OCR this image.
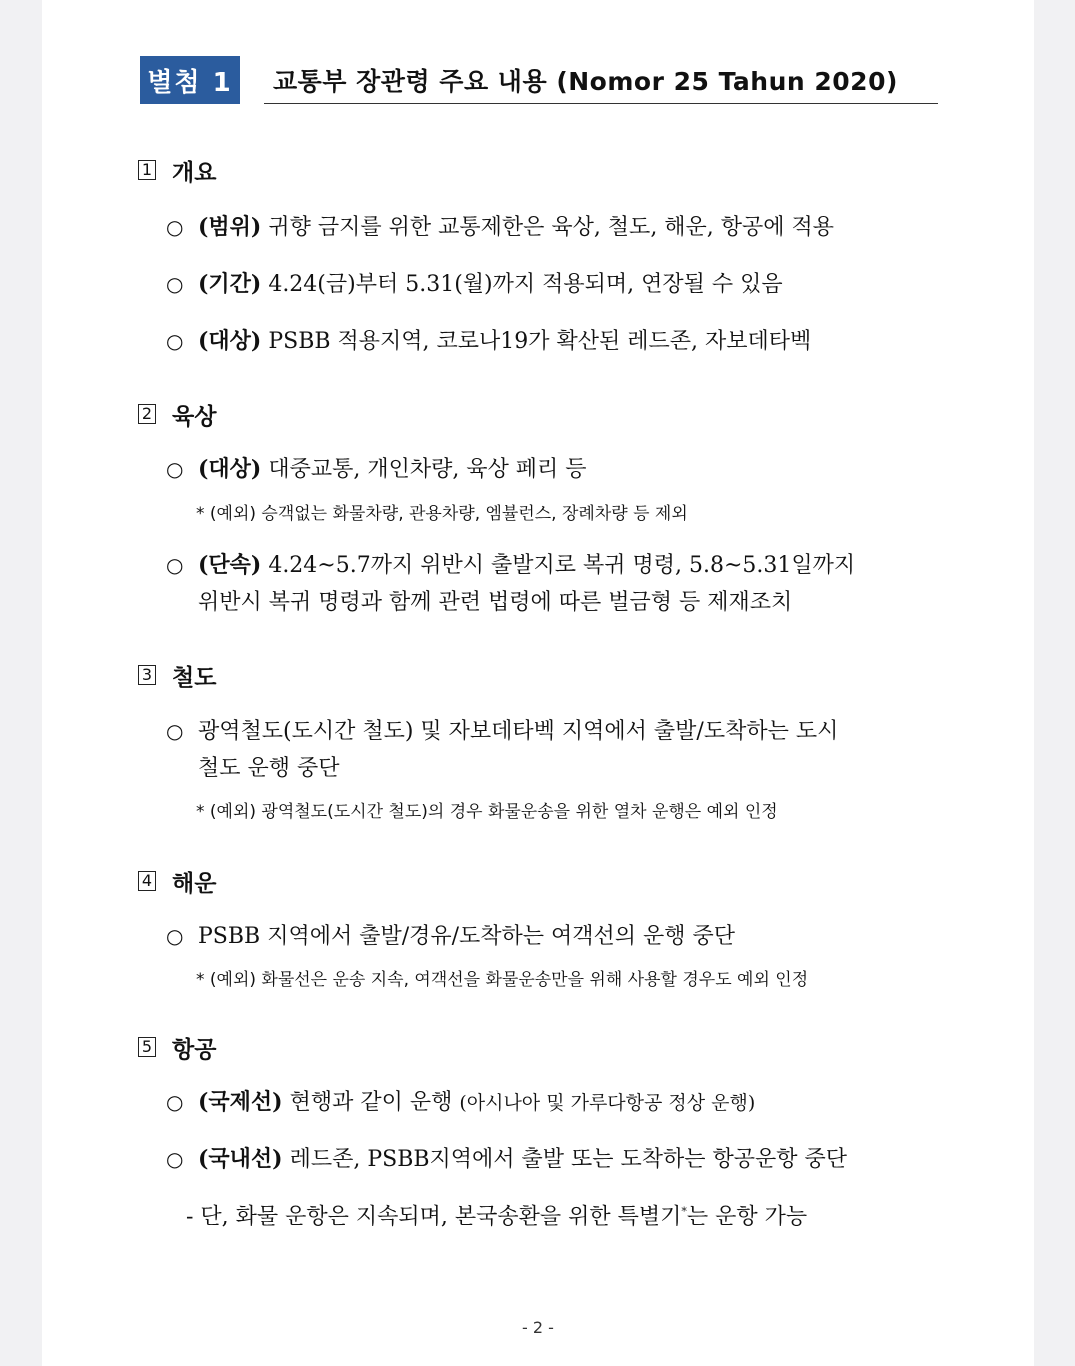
별첨 1 교통부 장관령 주요 내용 (Nomor 25 Tahun 2020)
1 개요
○ (범위) 귀향 금지를 위한 교통제한은 육상, 철도, 해운, 항공에 적용
○ (기간) 4.24(금)부터 5.31(월)까지 적용되며, 연장될 수 있음
○ (대상) PSBB 적용지역, 코로나19가 확산된 레드존, 자보데타벡
2 육상
○ (대상) 대중교통, 개인차량, 육상 페리 등
* (예외) 승객없는 화물차량, 관용차량, 엠뷸런스, 장례차량 등 제외
○ (단속) 4.24~5.7까지 위반시 출발지로 복귀 명령, 5.8~5.31일까지
위반시 복귀 명령과 함께 관련 법령에 따른 벌금형 등 제재조치
3 철도
○ 광역철도(도시간 철도) 및 자보데타벡 지역에서 출발/도착하는 도시
철도 운행 중단
* (예외) 광역철도(도시간 철도)의 경우 화물운송을 위한 열차 운행은 예외 인정
4 해운
○ PSBB 지역에서 출발/경유/도착하는 여객선의 운행 중단
* (예외) 화물선은 운송 지속, 여객선을 화물운송만을 위해 사용할 경우도 예외 인정
5 항공
○ (국제선) 현행과 같이 운행 (아시나아 및 가루다항공 정상 운행)
○ (국내선) 레드존, PSBB지역에서 출발 또는 도착하는 항공운항 중단
- 단, 화물 운항은 지속되며, 본국송환을 위한 특별기*는 운항 가능
- 2 -
